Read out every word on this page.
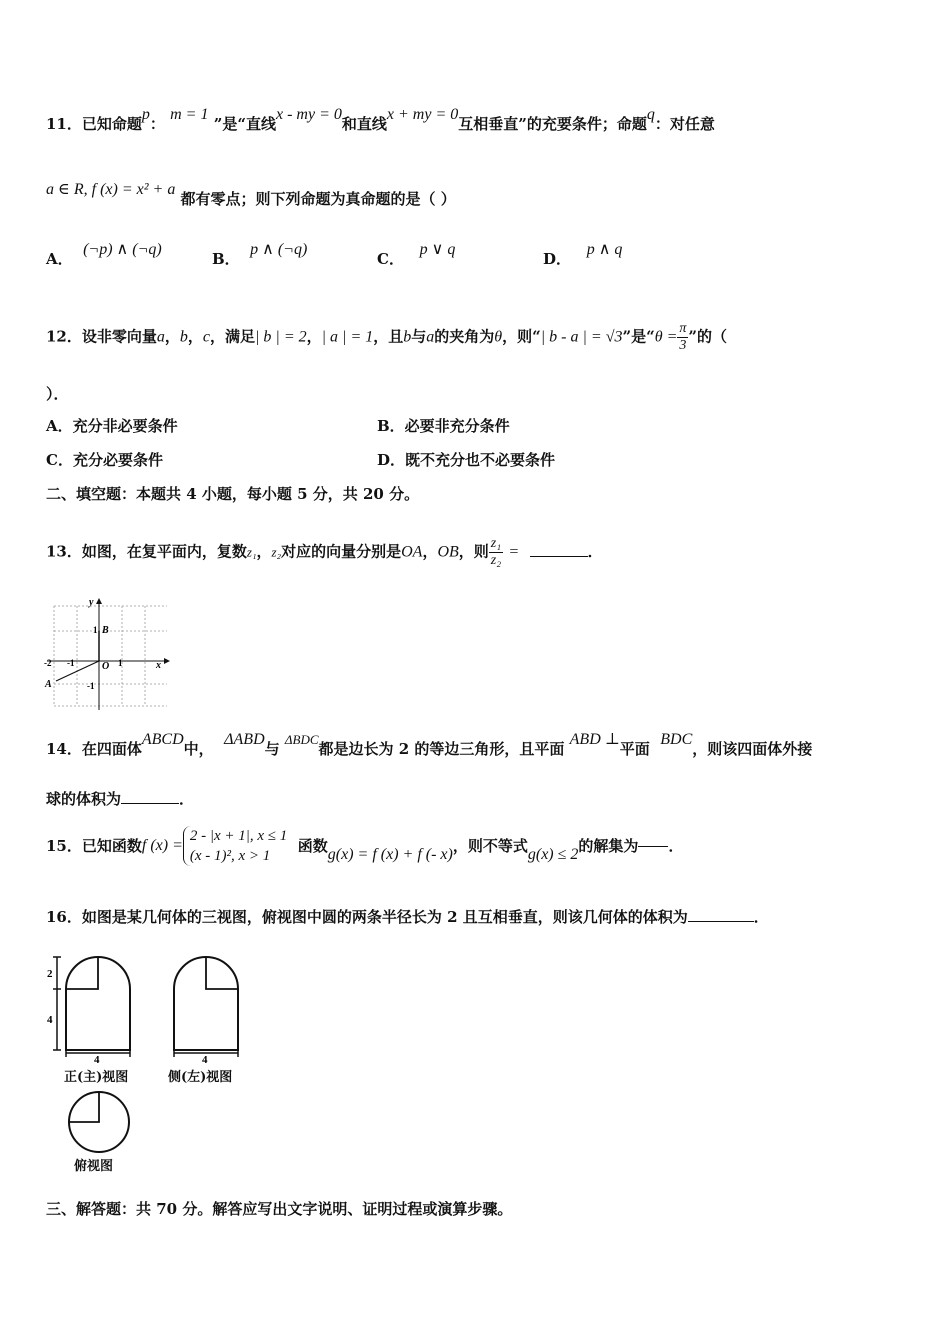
11．已知命题p： m = 1 ”是“直线x - my = 0和直线x + my = 0互相垂直”的充要条件；命题q：对任意
a ∈ R, f (x) = x² + a 都有零点；则下列命题为真命题的是（ ）
A．  (¬p) ∧ (¬q)
B．  p ∧ (¬q)
C．   p ∨ q
D．   p ∧ q
12．设非零向量a，b，c，满足| b | = 2，| a | = 1，且b与a的夹角为θ，则“| b - a | = √3”是“$\theta = \frac{\pi}{3}$ ”的（
）．
A．充分非必要条件	B．必要非充分条件
C．充分必要条件	D．既不充分也不必要条件
二、填空题：本题共 4 小题，每小题 5 分，共 20 分。
13．如图，在复平面内，复数z₁，z₂对应的向量分别是OA，OB，则 $\frac{\text{z₁}}{\text{z₂}}$ =	．
y
x
B
1
O
A
-2 -1	1
-1
14．在四面体ABCD中，  ΔABD与 ΔBDC都是边长为 2 的等边三角形，且平面 ABD ⊥平面  BDC，则该四面体外接
球的体积为	．
15．已知函数f (x) =
2 - |x + 1|, x ≤ 1
(x - 1)², x > 1
函数g(x) = f (x) + f (- x)，则不等式g(x) ≤ 2的解集为 ．
16．如图是某几何体的三视图，俯视图中圆的两条半径长为 2 且互相垂直，则该几何体的体积为	．
2
4
4	4
正(主)视图	侧(左)视图
俯视图
三、解答题：共 70 分。解答应写出文字说明、证明过程或演算步骤。
